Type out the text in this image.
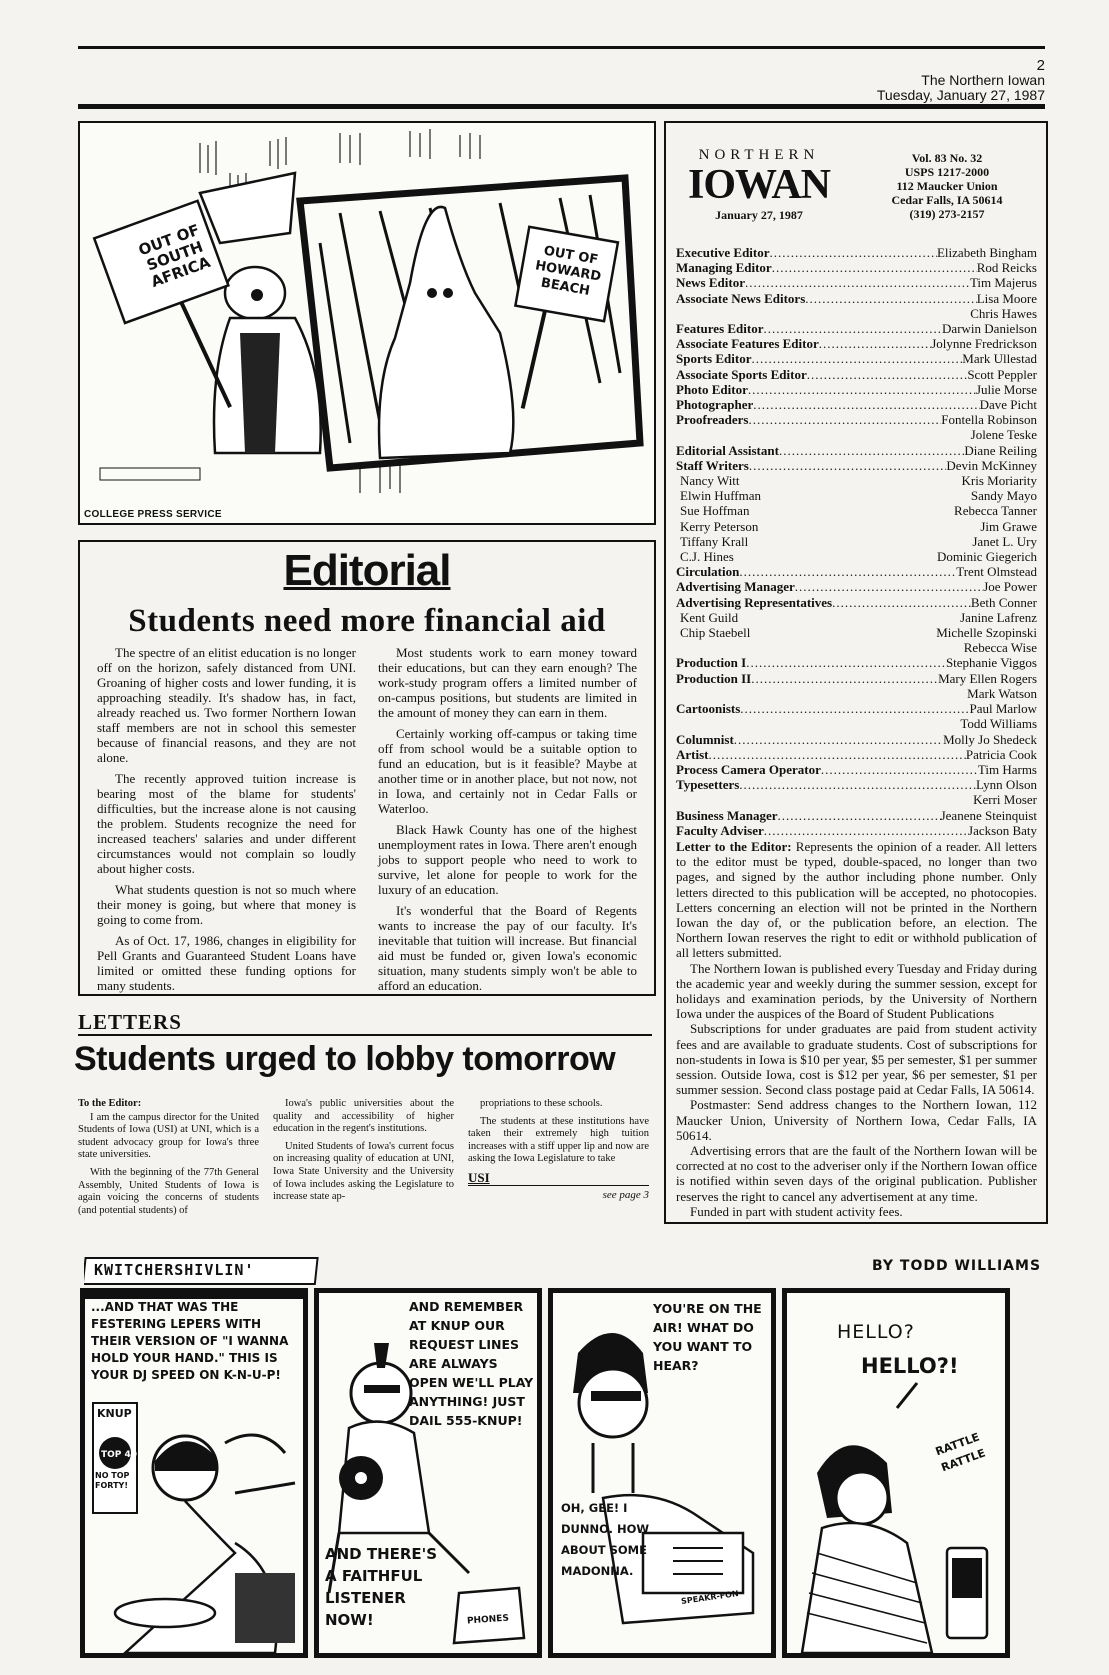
2
The Northern Iowan
Tuesday, January 27, 1987
OUT OF SOUTH AFRICA	OUT OF HOWARD BEACH
COLLEGE PRESS SERVICE
Editorial
Students need more financial aid

The spectre of an elitist education is no longer off on the horizon, safely distanced from UNI. Groaning of higher costs and lower funding, it is approaching steadily. It's shadow has, in fact, already reached us. Two former Northern Iowan staff members are not in school this semester because of financial reasons, and they are not alone.

The recently approved tuition increase is bearing most of the blame for students' difficulties, but the increase alone is not causing the problem. Students recognize the need for increased teachers' salaries and under different circumstances would not complain so loudly about higher costs.

What students question is not so much where their money is going, but where that money is going to come from.

As of Oct. 17, 1986, changes in eligibility for Pell Grants and Guaranteed Student Loans have limited or omitted these funding options for many students.

Most students work to earn money toward their educations, but can they earn enough? The work-study program offers a limited number of on-campus positions, but students are limited in the amount of money they can earn in them.

Certainly working off-campus or taking time off from school would be a suitable option to fund an education, but is it feasible? Maybe at another time or in another place, but not now, not in Iowa, and certainly not in Cedar Falls or Waterloo.

Black Hawk County has one of the highest unemployment rates in Iowa. There aren't enough jobs to support people who need to work to survive, let alone for people to work for the luxury of an education.

It's wonderful that the Board of Regents wants to increase the pay of our faculty. It's inevitable that tuition will increase. But financial aid must be funded or, given Iowa's economic situation, many students simply won't be able to afford an education.

LETTERS
Students urged to lobby tomorrow

To the Editor:

I am the campus director for the United Students of Iowa (USI) at UNI, which is a student advocacy group for Iowa's three state universities.

With the beginning of the 77th General Assembly, United Students of Iowa is again voicing the concerns of students (and potential students) of

Iowa's public universities about the quality and accessibility of higher education in the regent's institutions.

United Students of Iowa's current focus on increasing quality of education at UNI, Iowa State University and the University of Iowa includes asking the Legislature to increase state ap-

propriations to these schools.

The students at these institutions have taken their extremely high tuition increases with a stiff upper lip and now are asking the Iowa Legislature to take

USI
see page 3
NORTHERN
IOWAN
January 27, 1987
Vol. 83 No. 32
USPS 1217-2000
112 Maucker Union
Cedar Falls, IA 50614
(319) 273-2157
Executive Editor .....	Elizabeth Bingham
Managing Editor .....	Rod Reicks
News Editor .....	Tim Majerus
Associate News Editors .....	Lisa Moore
Chris Hawes
Features Editor .....	Darwin Danielson
Associate Features Editor .....	Jolynne Fredrickson
Sports Editor .....	Mark Ullestad
Associate Sports Editor .....	Scott Peppler
Photo Editor .....	Julie Morse
Photographer .....	Dave Picht
Proofreaders .....	Fontella Robinson
Jolene Teske
Editorial Assistant .....	Diane Reiling
Staff Writers .....	Devin McKinney
Nancy Witt	Kris Moriarity
Elwin Huffman	Sandy Mayo
Sue Hoffman	Rebecca Tanner
Kerry Peterson	Jim Grawe
Tiffany Krall	Janet L. Ury
C.J. Hines	Dominic Giegerich
Circulation .....	Trent Olmstead
Advertising Manager .....	Joe Power
Advertising Representatives .....	Beth Conner
Kent Guild	Janine Lafrenz
Chip Staebell	Michelle Szopinski
Rebecca Wise
Production I .....	Stephanie Viggos
Production II .....	Mary Ellen Rogers
Mark Watson
Cartoonists .....	Paul Marlow
Todd Williams
Columnist .....	Molly Jo Shedeck
Artist .....	Patricia Cook
Process Camera Operator .....	Tim Harms
Typesetters .....	Lynn Olson
Kerri Moser
Business Manager .....	Jeanene Steinquist
Faculty Adviser .....	Jackson Baty

Letter to the Editor: Represents the opinion of a reader. All letters to the editor must be typed, double-spaced, no longer than two pages, and signed by the author including phone number. Only letters directed to this publication will be accepted, no photocopies. Letters concerning an election will not be printed in the Northern Iowan the day of, or the publication before, an election. The Northern Iowan reserves the right to edit or withhold publication of all letters submitted.

The Northern Iowan is published every Tuesday and Friday during the academic year and weekly during the summer session, except for holidays and examination periods, by the University of Northern Iowa under the auspices of the Board of Student Publications

Subscriptions for under graduates are paid from student activity fees and are available to graduate students. Cost of subscriptions for non-students in Iowa is $10 per year, $5 per semester, $1 per summer session. Outside Iowa, cost is $12 per year, $6 per semester, $1 per summer session. Second class postage paid at Cedar Falls, IA 50614.

Postmaster: Send address changes to the Northern Iowan, 112 Maucker Union, University of Northern Iowa, Cedar Falls, IA 50614.

Advertising errors that are the fault of the Northern Iowan will be corrected at no cost to the adveriser only if the Northern Iowan office is notified within seven days of the original publication. Publisher reserves the right to cancel any advertisement at any time.

Funded in part with student activity fees.

KWITCHERSHIVLIN'	BY TODD WILLIAMS
...AND THAT WAS THE FESTERING LEPERS WITH THEIR VERSION OF "I WANNA HOLD YOUR HAND." THIS IS YOUR DJ SPEED ON K-N-U-P!
KNUP
TOP 40
NO TOP FORTY!
AND REMEMBER AT KNUP OUR REQUEST LINES ARE ALWAYS OPEN WE'LL PLAY ANYTHING! JUST DAIL 555-KNUP!
AND THERE'S A FAITHFUL LISTENER NOW!	PHONES
YOU'RE ON THE AIR! WHAT DO YOU WANT TO HEAR?
OH, GEE! I DUNNO. HOW ABOUT SOME MADONNA.
SPEAKR-FON
HELLO?
HELLO?!
RATTLE RATTLE
